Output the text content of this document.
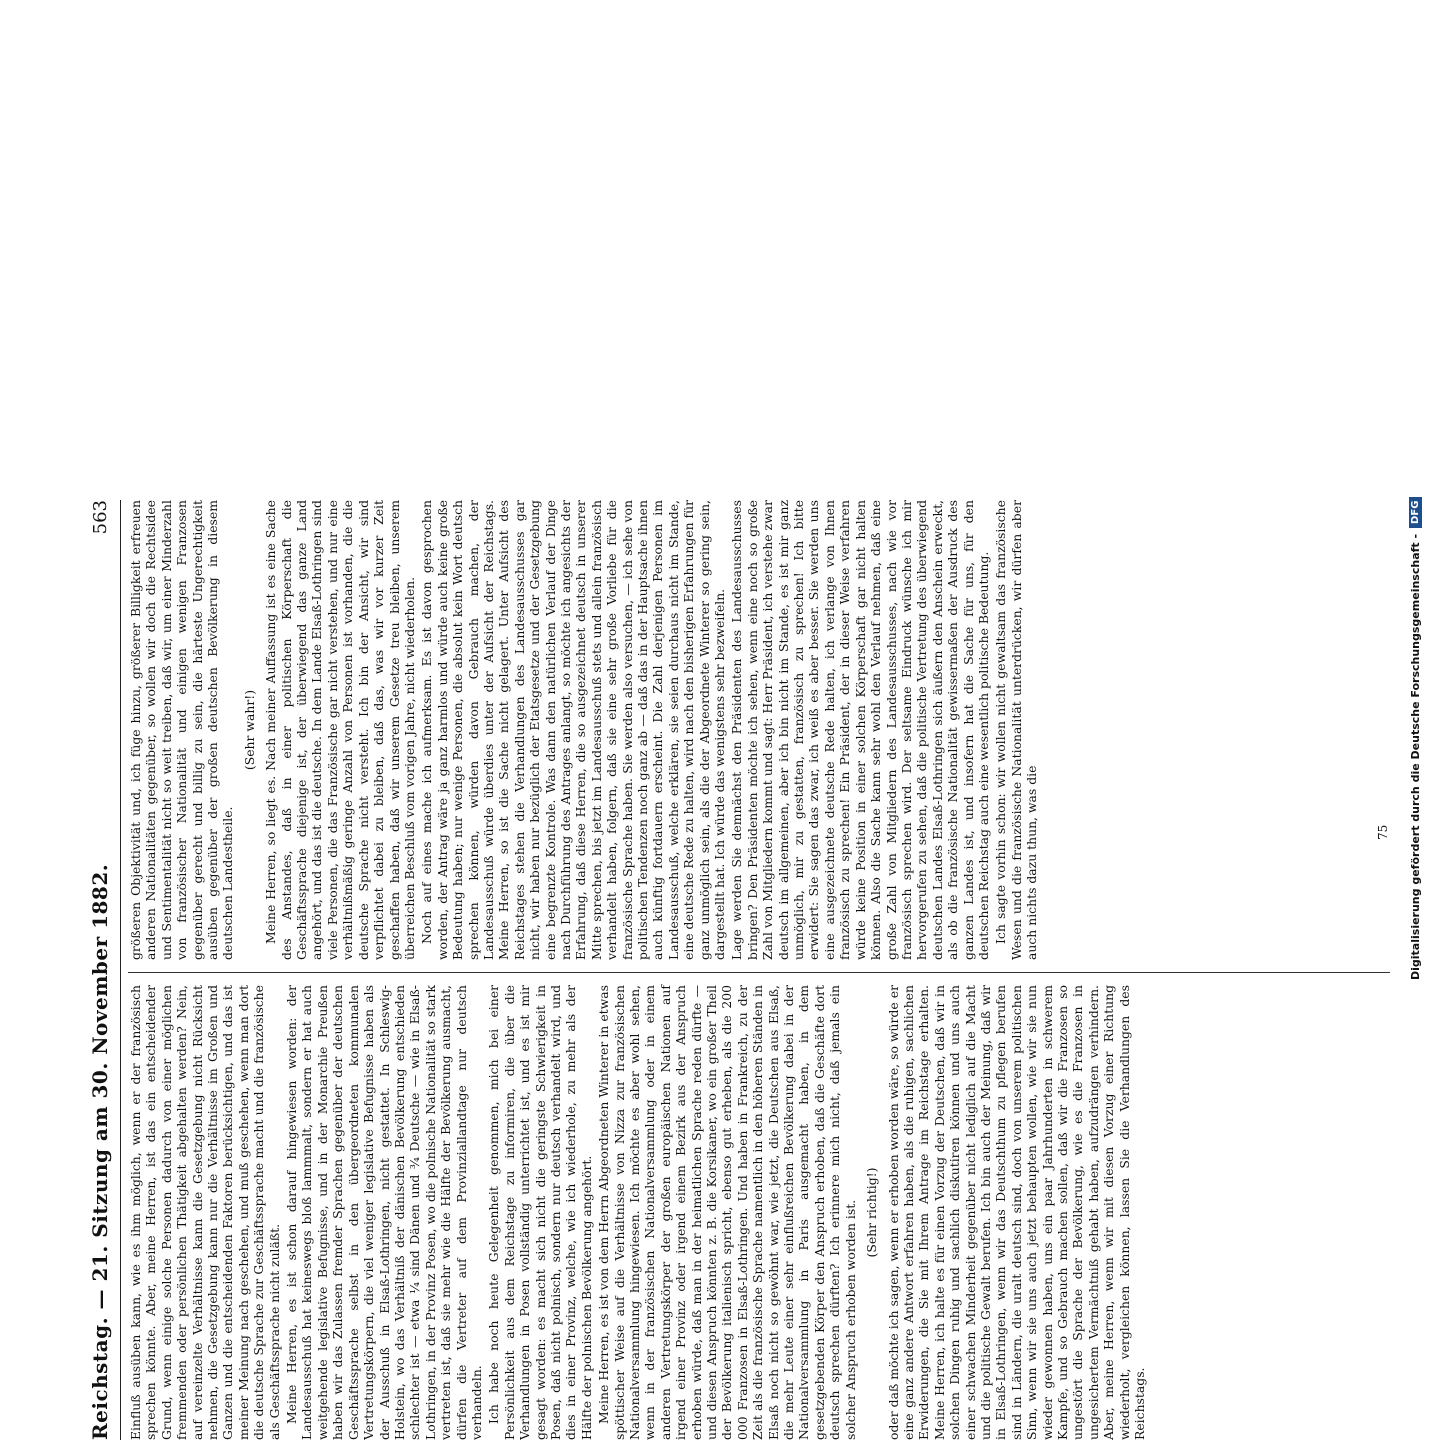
Reichstag. — 21. Sitzung am 30. November 1882.
563

Einfluß ausüben kann, wie es ihm möglich, wenn er der französisch sprechen könnte. Aber, meine Herren, ist das ein entscheidender Grund, wenn einige solche Personen dadurch von einer möglichen fremmenden oder persönlichen Thätigkeit abgehalten werden? Nein, auf vereinzelte Verhältnisse kann die Gesetzgebung nicht Rücksicht nehmen, die Gesetzgebung kann nur die Verhältnisse im Großen und Ganzen und die entscheidenden Faktoren berücksichtigen, und das ist meiner Meinung nach geschehen, und muß geschehen, wenn man dort die deutsche Sprache zur Geschäftssprache macht und die französische als Geschäftssprache nicht zuläßt. Meine Herren, es ist schon darauf hingewiesen worden: der Landesausschuß hat keineswegs bloß lammmalt, sondern er hat auch weitgehende legislative Befugnisse, und in der Monarchie Preußen haben wir das Zulassen fremder Sprachen gegenüber der deutschen Geschäftssprache selbst in den übergeordneten kommunalen Vertretungskörpern, die viel weniger legislative Befugnisse haben als der Ausschuß in Elsaß-Lothringen, nicht gestattet. In Schleswig-Holstein, wo das Verhältniß der dänischen Bevölkerung entschieden schlechter ist — etwa ¼ sind Dänen und ¾ Deutsche — wie in Elsaß-Lothringen, in der Provinz Posen, wo die polnische Nationalität so stark vertreten ist, daß sie mehr wie die Hälfte der Bevölkerung ausmacht, dürfen die Vertreter auf dem Provinziallandtage nur deutsch verhandeln. Ich habe noch heute Gelegenheit genommen, mich bei einer Persönlichkeit aus dem Reichstage zu informiren, die über die Verhandlungen in Posen vollständig unterrichtet ist, und es ist mir gesagt worden: es macht sich nicht die geringste Schwierigkeit in Posen, daß nicht polnisch, sondern nur deutsch verhandelt wird, und dies in einer Provinz, welche, wie ich wiederhole, zu mehr als der Hälfte der polnischen Bevölkerung angehört. Meine Herren, es ist von dem Herrn Abgeordneten Winterer in etwas spöttischer Weise auf die Verhältnisse von Nizza zur französischen Nationalversammlung hingewiesen. Ich möchte es aber wohl sehen, wenn in der französischen Nationalversammlung oder in einem anderen Vertretungskörper der großen europäischen Nationen auf irgend einer Provinz oder irgend einem Bezirk aus der Anspruch erhoben würde, daß man in der heimatlichen Sprache reden dürfte — und diesen Anspruch könnten z. B. die Korsikaner, wo ein großer Theil der Bevölkerung italienisch spricht, ebenso gut erheben, als die 200 000 Franzosen in Elsaß-Lothringen. Und haben in Frankreich, zu der Zeit als die französische Sprache namentlich in den höheren Ständen in Elsaß noch nicht so gewöhnt war, wie jetzt, die Deutschen aus Elsaß, die mehr Leute einer sehr einflußreichen Bevölkerung dabei in der Nationalversammlung in Paris ausgemacht haben, in dem gesetzgebenden Körper den Anspruch erhoben, daß die Geschäfte dort deutsch sprechen dürften? Ich erinnere mich nicht, daß jemals ein solcher Anspruch erhoben worden ist. (Sehr richtig!) oder daß möchte ich sagen, wenn er erhoben worden wäre, so würde er eine ganz andere Antwort erfahren haben, als die ruhigen, sachlichen Erwiderungen, die Sie mit Ihrem Antrage im Reichstage erhalten. Meine Herren, ich halte es für einen Vorzug der Deutschen, daß wir in solchen Dingen ruhig und sachlich diskutiren können und uns auch einer schwachen Minderheit gegenüber nicht lediglich auf die Macht und die politische Gewalt berufen. Ich bin auch der Meinung, daß wir in Elsaß-Lothringen, wenn wir das Deutschthum zu pflegen berufen sind in Ländern, die uralt deutsch sind, doch von unserem politischen Sinn, wenn wir sie uns auch jetzt behaupten wollen, wie wir sie nun wieder gewonnen haben, uns ein paar Jahrhunderten in schwerem Kampfe, und so Gebrauch machen sollen, daß wir die Franzosen so ungestört die Sprache der Bevölkerung, wie es die Franzosen in ungesichertem Vermächtniß gehabt haben, aufzudrängen verhindern. Aber, meine Herren, wenn wir mit diesen Vorzug einer Richtung wiederholt, vergleichen können, lassen Sie die Verhandlungen des Reichstags.

größeren Objektivität und, ich füge hinzu, größerer Billigkeit erfreuen anderen Nationalitäten gegenüber, so wollen wir doch die Rechtsidee und Sentimentalität nicht so weit treiben, daß wir, um einer Minderzahl von französischer Nationalität und einigen wenigen Franzosen gegenüber gerecht und billig zu sein, die härteste Ungerechtigkeit ausüben gegenüber der großen deutschen Bevölkerung in diesem deutschen Landestheile.

(Sehr wahr!) Meine Herren, so liegt es. Nach meiner Auffassung ist es eine Sache des Anstandes, daß in einer politischen Körperschaft die Geschäftssprache diejenige ist, der überwiegend das ganze Land angehört, und das ist die deutsche. In dem Lande Elsaß-Lothringen sind viele Personen, die das Französische gar nicht verstehen, und nur eine verhältnißmäßig geringe Anzahl von Personen ist vorhanden, die die deutsche Sprache nicht versteht. Ich bin der Ansicht, wir sind verpflichtet dabei zu bleiben, daß das, was wir vor kurzer Zeit geschaffen haben, daß wir unserem Gesetze treu bleiben, unserem überreichen Beschluß vom vorigen Jahre, nicht wiederholen. Noch auf eines mache ich aufmerksam. Es ist davon gesprochen worden, der Antrag wäre ja ganz harmlos und würde auch keine große Bedeutung haben; nur wenige Personen, die absolut kein Wort deutsch sprechen können, würden davon Gebrauch machen, der Landesausschuß würde überdies unter der Aufsicht der Reichstags. Meine Herren, so ist die Sache nicht gelagert. Unter Aufsicht des Reichstages stehen die Verhandlungen des Landesausschusses gar nicht, wir haben nur bezüglich der Etatsgesetze und der Gesetzgebung eine begrenzte Kontrole. Was dann den natürlichen Verlauf der Dinge nach Durchführung des Antrages anlangt, so möchte ich angesichts der Erfahrung, daß diese Herren, die so ausgezeichnet deutsch in unserer Mitte sprechen, bis jetzt im Landesausschuß stets und allein französisch verhandelt haben, folgern, daß sie eine sehr große Vorliebe für die französische Sprache haben. Sie werden also versuchen, — ich sehe von politischen Tendenzen noch ganz ab — daß das in der Hauptsache ihnen auch künftig fortdauern erscheint. Die Zahl derjenigen Personen im Landesausschuß, welche erklären, sie seien durchaus nicht im Stande, eine deutsche Rede zu halten, wird nach den bisherigen Erfahrungen für ganz unmöglich sein, als die der Abgeordnete Winterer so gering sein, dargestellt hat. Ich würde das wenigstens sehr bezweifeln. Lage werden Sie demnächst den Präsidenten des Landesausschusses bringen? Den Präsidenten möchte ich sehen, wenn eine noch so große Zahl von Mitgliedern kommt und sagt: Herr Präsident, ich verstehe zwar deutsch im allgemeinen, aber ich bin nicht im Stande, es ist mir ganz unmöglich, mir zu gestatten, französisch zu sprechen! Ich bitte erwidert: Sie sagen das zwar, ich weiß es aber besser. Sie werden uns eine ausgezeichnete deutsche Rede halten, ich verlange von Ihnen französisch zu sprechen! Ein Präsident, der in dieser Weise verfahren würde keine Position in einer solchen Körperschaft gar nicht halten können. Also die Sache kann sehr wohl den Verlauf nehmen, daß eine große Zahl von Mitgliedern des Landesausschusses, nach wie vor französisch sprechen wird. Der seltsame Eindruck wünsche ich mir hervorgerufen zu sehen, daß die politische Vertretung des überwiegend deutschen Landes Elsaß-Lothringen sich äußern den Anschein erweckt, als ob die französische Nationalität gewissermaßen der Ausdruck des ganzen Landes ist, und insofern hat die Sache für uns, für den deutschen Reichstag auch eine wesentlich politische Bedeutung. Ich sagte vorhin schon: wir wollen nicht gewaltsam das französische Wesen und die französische Nationalität unterdrücken, wir dürfen aber auch nichts dazu thun, was die	75 Digitalisierung gefördert durch die Deutsche Forschungsgemeinschaft -
DFG
